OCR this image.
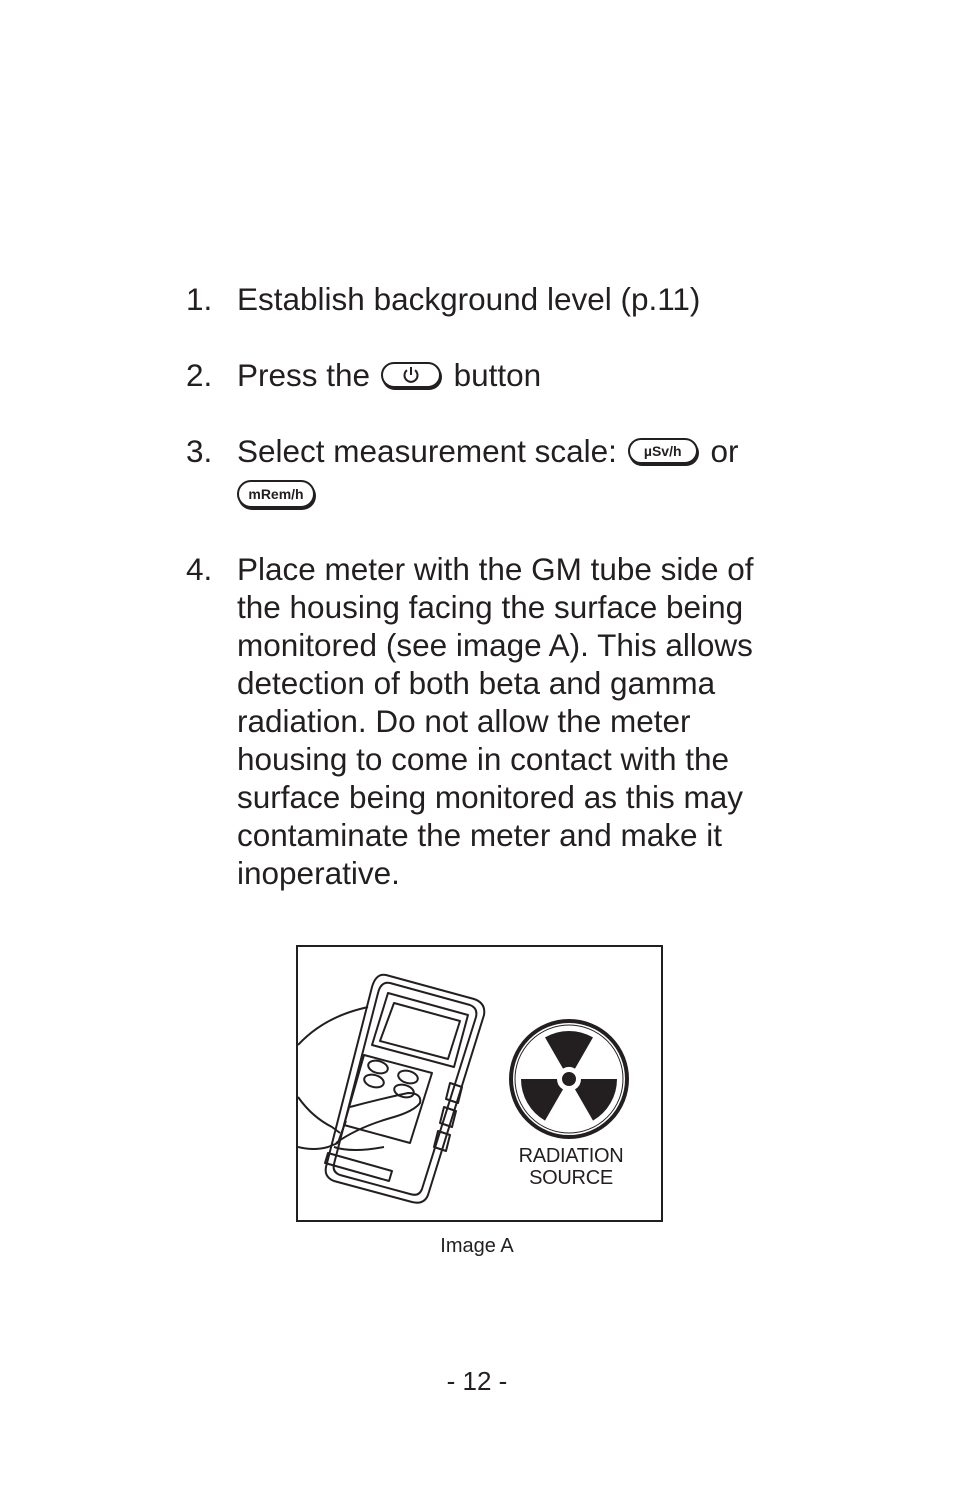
1. Establish background level (p.11)
2. Press the	button
3. Select measurement scale: µSv/h or
mRem/h
4. Place meter with the GM tube side of the housing facing the surface being monitored (see image A). This allows detection of both beta and gamma radiation. Do not allow the meter housing to come in contact with the surface being monitored as this may contaminate the meter and make it inoperative.
RADIATION
SOURCE
Image A
- 12 -
